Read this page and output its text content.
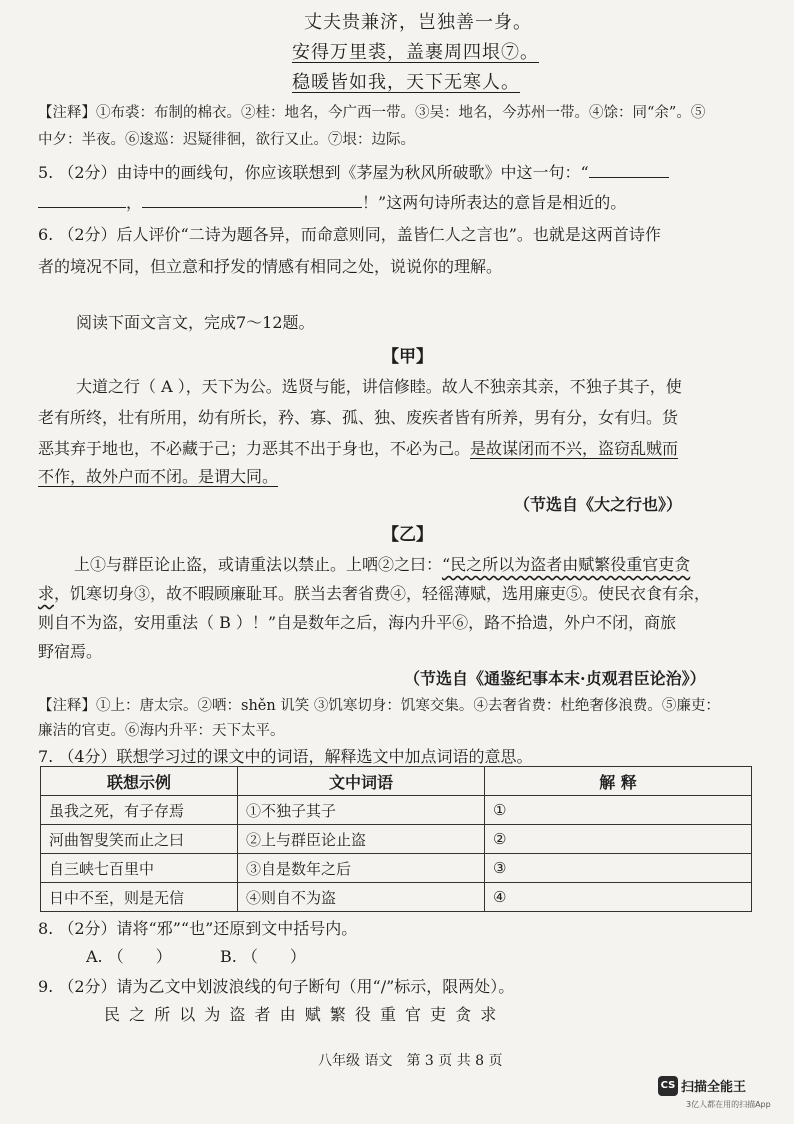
丈夫贵兼济，岂独善一身。
安得万里裘，盖裹周四垠⑦。
稳暖皆如我，天下无寒人。
【注释】①布裘：布制的棉衣。②桂：地名，今广西一带。③吴：地名，今苏州一带。④馀：同“余”。⑤
中夕：半夜。⑥逡巡：迟疑徘徊，欲行又止。⑦垠：边际。
5. （2分）由诗中的画线句，你应该联想到《茅屋为秋风所破歌》中这一句：“
，	！”这两句诗所表达的意旨是相近的。
6. （2分）后人评价“二诗为题各异，而命意则同，盖皆仁人之言也”。也就是这两首诗作
者的境况不同，但立意和抒发的情感有相同之处，说说你的理解。
阅读下面文言文，完成7～12题。
【甲】
大道之行（ A ），天下为公。选贤与能，讲信修睦。故人不独亲其亲，不独子其子，使
老有所终，壮有所用，幼有所长，矜、寡、孤、独、废疾者皆有所养，男有分，女有归。货
恶其弃于地也，不必藏于己；力恶其不出于身也，不必为己。是故谋闭而不兴，盗窃乱贼而
不作，故外户而不闭。是谓大同。
（节选自《大之行也》）
【乙】
上①与群臣论止盗，或请重法以禁止。上哂②之曰：“民之所以为盗者由赋繁役重官吏贪
求，饥寒切身③，故不暇顾廉耻耳。朕当去奢省费④，轻徭薄赋，选用廉吏⑤。使民衣食有余，
则自不为盗，安用重法（ B ）！”自是数年之后，海内升平⑥，路不拾遗，外户不闭，商旅
野宿焉。
（节选自《通鉴纪事本末·贞观君臣论治》）
【注释】①上：唐太宗。②哂：shěn 讥笑 ③饥寒切身：饥寒交集。④去奢省费：杜绝奢侈浪费。⑤廉吏：
廉洁的官吏。⑥海内升平：天下太平。
7. （4分）联想学习过的课文中的词语，解释选文中加点词语的意思。
联想示例	文中词语	解 释
虽我之死，有子存焉	①不独子其子	①
河曲智叟笑而止之曰	②上与群臣论止盗	②
自三峡七百里中	③自是数年之后	③
日中不至，则是无信	④则自不为盗	④
8. （2分）请将“邪”“也”还原到文中括号内。
A. （　　）	B. （　　）
9. （2分）请为乙文中划波浪线的句子断句（用“/”标示，限两处）。
民 之 所 以 为 盗 者 由 赋 繁 役 重 官 吏 贪 求
八年级 语文　第 3 页 共 8 页
CS 扫描全能王
3亿人都在用的扫描App
